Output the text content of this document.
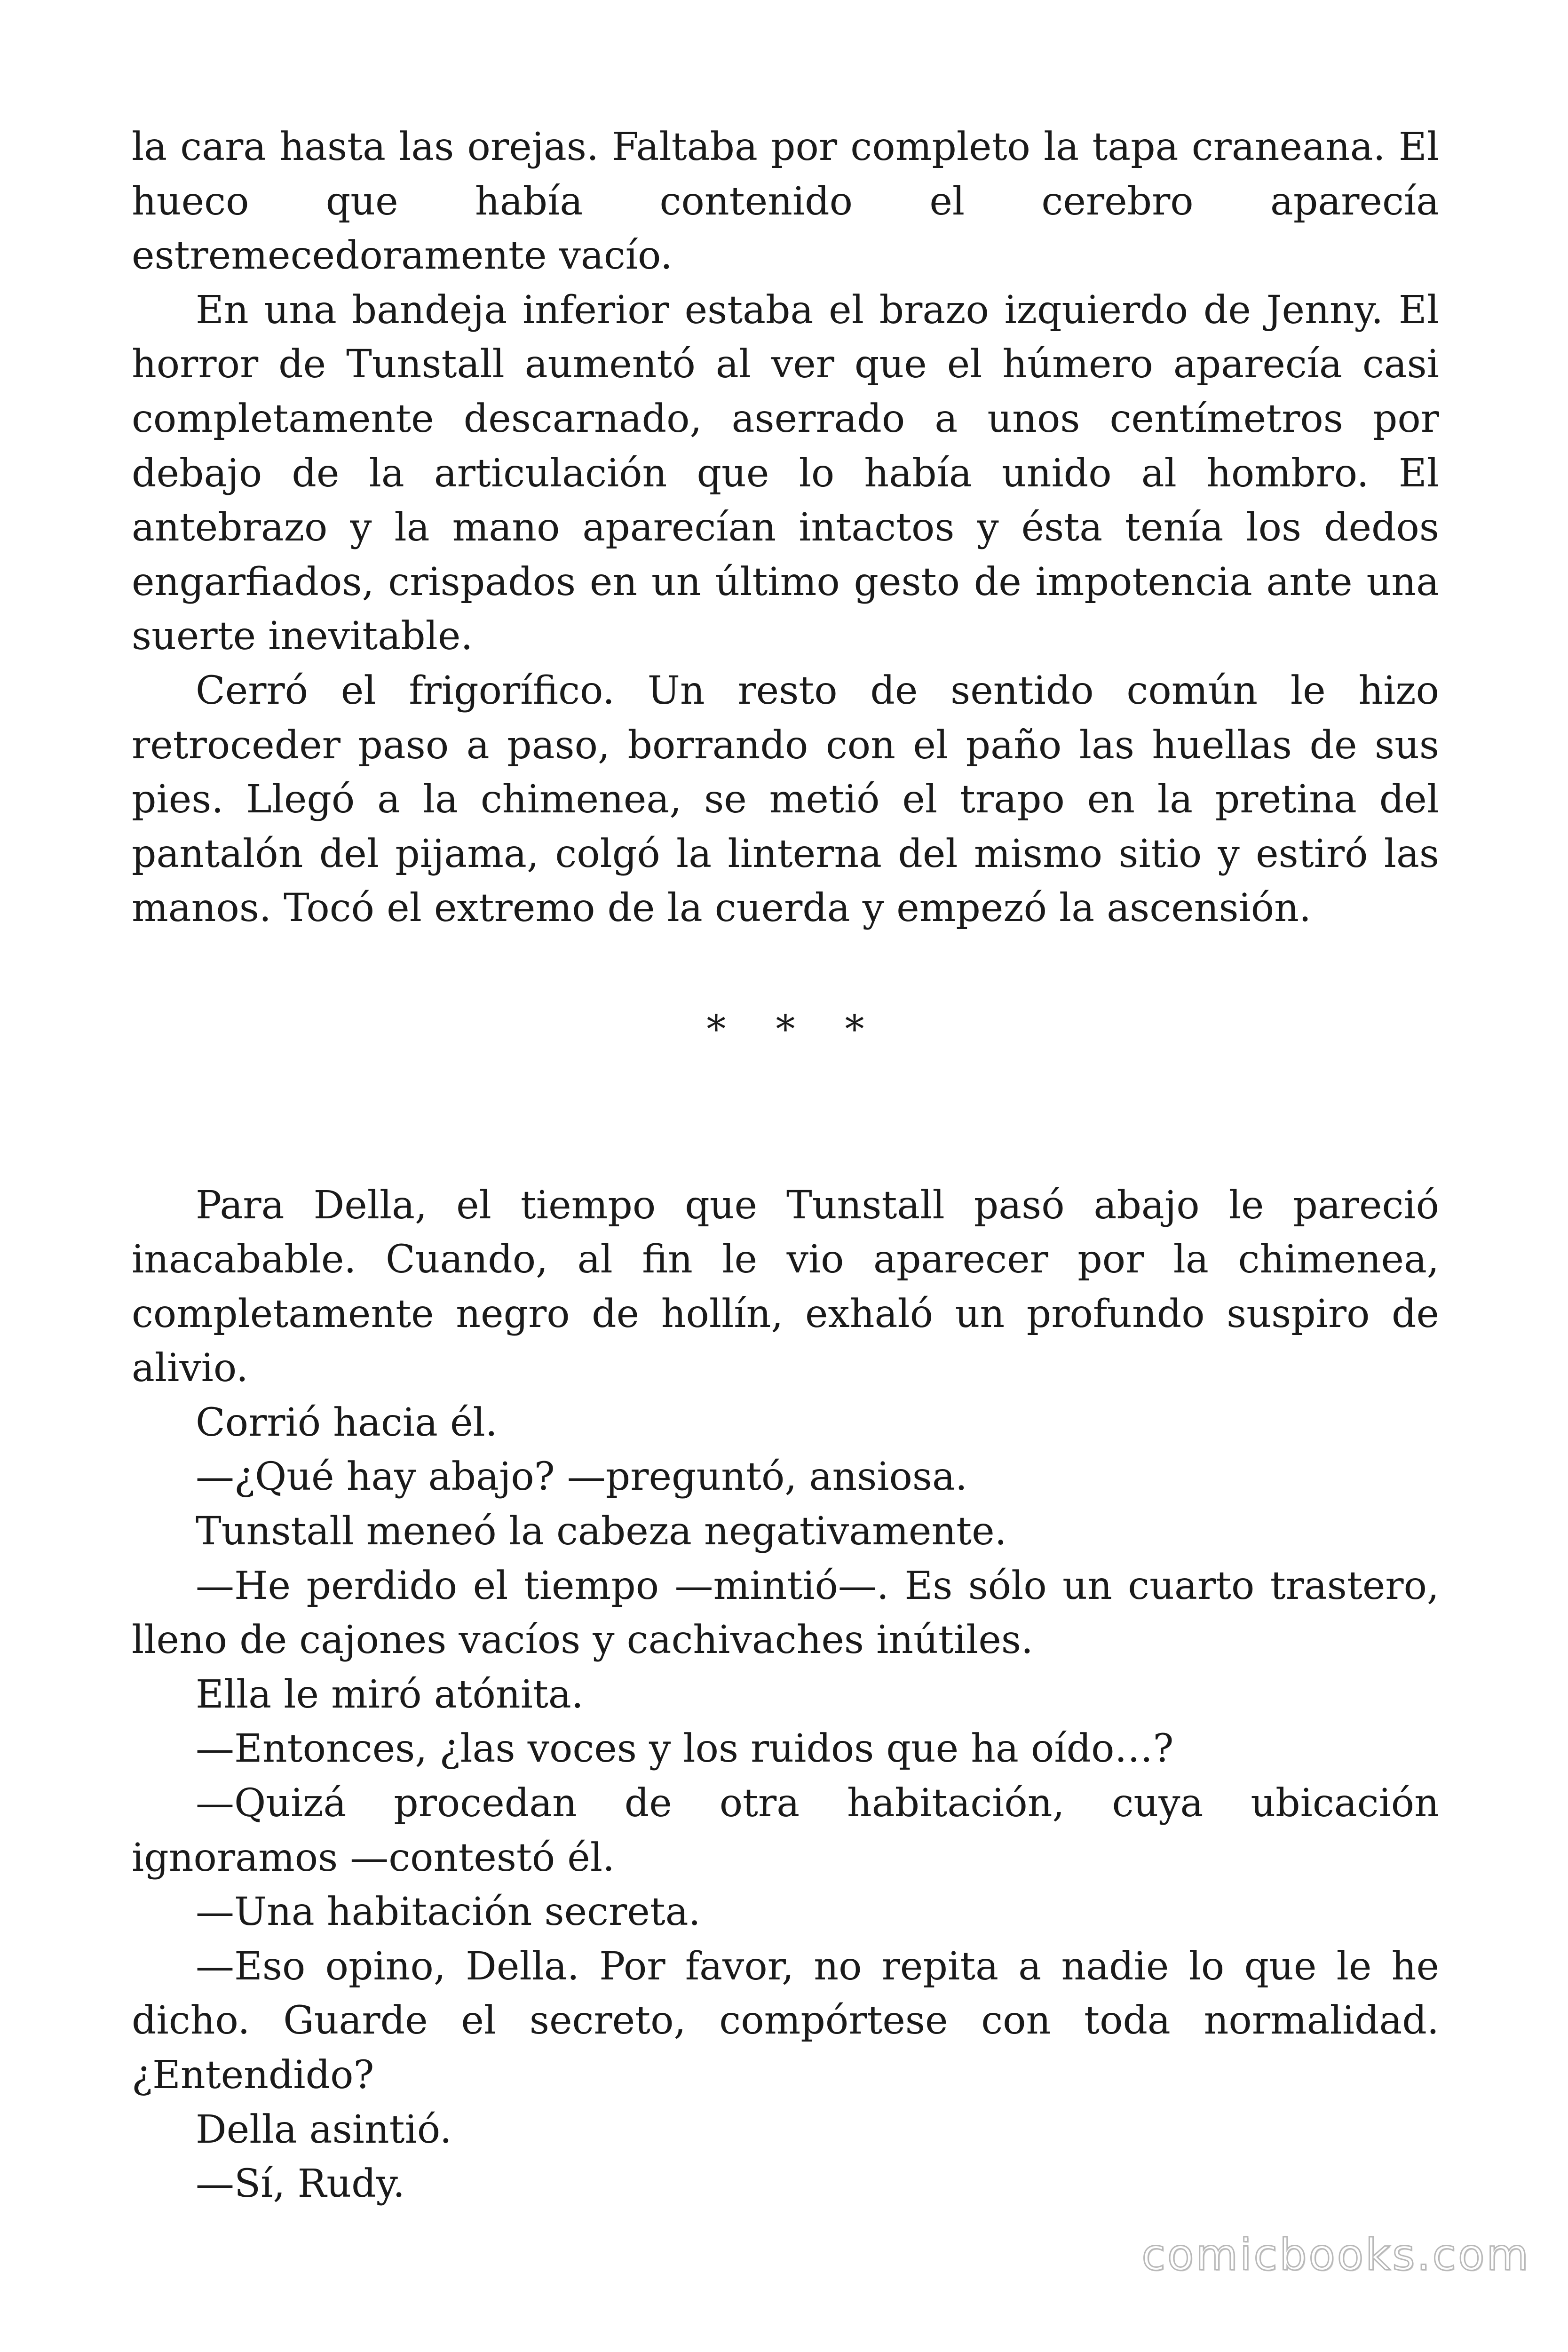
la cara hasta las orejas. Faltaba por completo la tapa craneana. El hueco que había contenido el cerebro aparecía estremecedoramente vacío.

En una bandeja inferior estaba el brazo izquierdo de Jenny. El horror de Tunstall aumentó al ver que el húmero aparecía casi completamente descarnado, aserrado a unos centímetros por debajo de la articulación que lo había unido al hombro. El antebrazo y la mano aparecían intactos y ésta tenía los dedos engarfiados, crispados en un último gesto de impotencia ante una suerte inevitable.

Cerró el frigorífico. Un resto de sentido común le hizo retroceder paso a paso, borrando con el paño las huellas de sus pies. Llegó a la chimenea, se metió el trapo en la pretina del pantalón del pijama, colgó la linterna del mismo sitio y estiró las manos. Tocó el extremo de la cuerda y empezó la ascensión.

* * *

Para Della, el tiempo que Tunstall pasó abajo le pareció inacabable. Cuando, al fin le vio aparecer por la chimenea, completamente negro de hollín, exhaló un profundo suspiro de alivio.

Corrió hacia él.

—¿Qué hay abajo? —preguntó, ansiosa.

Tunstall meneó la cabeza negativamente.

—He perdido el tiempo —mintió—. Es sólo un cuarto trastero, lleno de cajones vacíos y cachivaches inútiles.

Ella le miró atónita.

—Entonces, ¿las voces y los ruidos que ha oído…?

—Quizá procedan de otra habitación, cuya ubicación ignoramos —contestó él.

—Una habitación secreta.

—Eso opino, Della. Por favor, no repita a nadie lo que le he dicho. Guarde el secreto, compórtese con toda normalidad. ¿Entendido?

Della asintió.

—Sí, Rudy.

comicbooks.com
